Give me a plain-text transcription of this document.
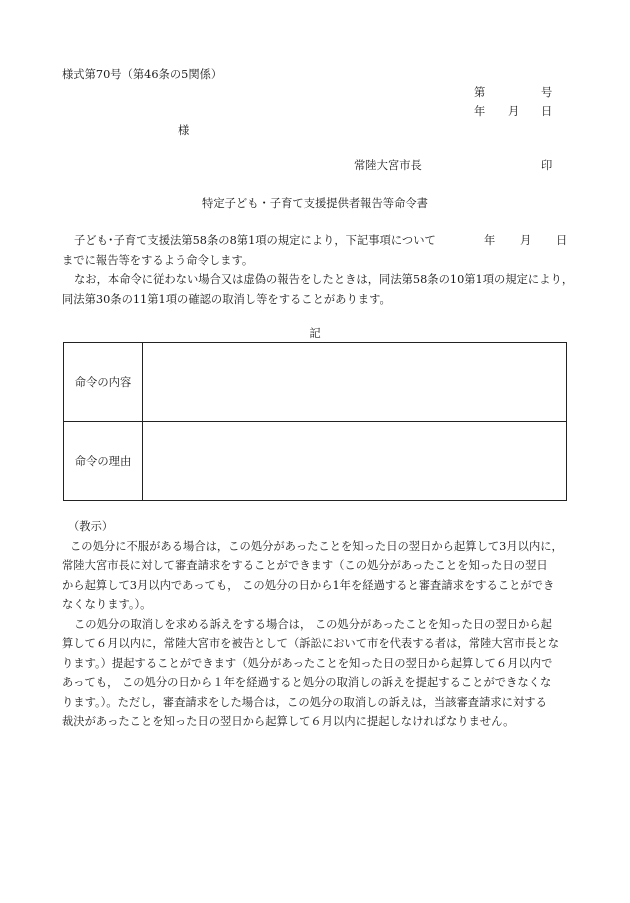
様式第70号（第46条の5関係）
第	号
年 月 日
様
常陸大宮市長	印
特定子ども・子育て支援提供者報告等命令書
子ども･子育て支援法第58条の8第1項の規定により，下記事項について	年 月 日
までに報告等をするよう命令します。
なお，本命令に従わない場合又は虚偽の報告をしたときは，同法第58条の10第1項の規定により，
同法第30条の11第1項の確認の取消し等をすることがあります。
記
命令の内容	
命令の理由	
（教示）
この処分に不服がある場合は，この処分があったことを知った日の翌日から起算して3月以内に，
常陸大宮市長に対して審査請求をすることができます（この処分があったことを知った日の翌日
から起算して3月以内であっても， この処分の日から1年を経過すると審査請求をすることができ
なくなります。）。
この処分の取消しを求める訴えをする場合は， この処分があったことを知った日の翌日から起
算して６月以内に，常陸大宮市を被告として（訴訟において市を代表する者は，常陸大宮市長とな
ります。）提起することができます（処分があったことを知った日の翌日から起算して６月以内で
あっても， この処分の日から１年を経過すると処分の取消しの訴えを提起することができなくな
ります。）。ただし，審査請求をした場合は，この処分の取消しの訴えは，当該審査請求に対する
裁決があったことを知った日の翌日から起算して６月以内に提起しなければなりません。
